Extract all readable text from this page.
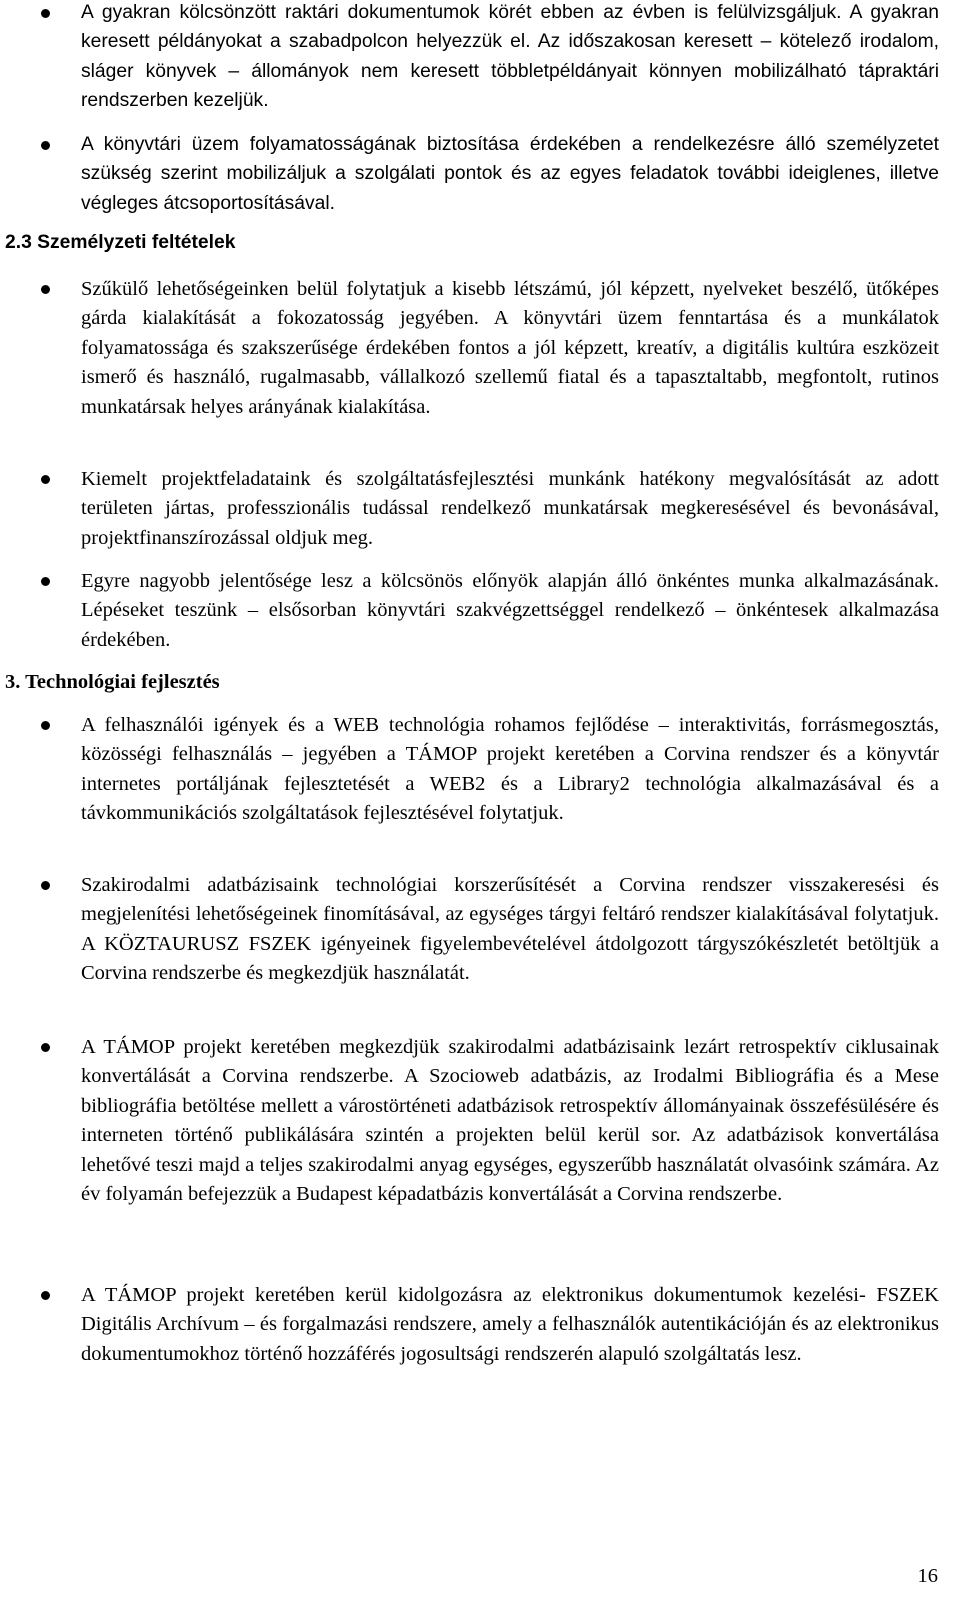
A gyakran kölcsönzött raktári dokumentumok körét ebben az évben is felülvizsgáljuk. A gyakran keresett példányokat a szabadpolcon helyezzük el. Az időszakosan keresett – kötelező irodalom, sláger könyvek – állományok nem keresett többletpéldányait könnyen mobilizálható tápraktári rendszerben kezeljük.

A könyvtári üzem folyamatosságának biztosítása érdekében a rendelkezésre álló személyzetet szükség szerint mobilizáljuk a szolgálati pontok és az egyes feladatok további ideiglenes, illetve végleges átcsoportosításával.

2.3 Személyzeti feltételek

Szűkülő lehetőségeinken belül folytatjuk a kisebb létszámú, jól képzett, nyelveket beszélő, ütőképes gárda kialakítását a fokozatosság jegyében. A könyvtári üzem fenntartása és a munkálatok folyamatossága és szakszerűsége érdekében fontos a jól képzett, kreatív, a digitális kultúra eszközeit ismerő és használó, rugalmasabb, vállalkozó szellemű fiatal és a tapasztaltabb, megfontolt, rutinos munkatársak helyes arányának kialakítása.

Kiemelt projektfeladataink és szolgáltatásfejlesztési munkánk hatékony megvalósítását az adott területen jártas, professzionális tudással rendelkező munkatársak megkeresésével és bevonásával, projektfinanszírozással oldjuk meg.

Egyre nagyobb jelentősége lesz a kölcsönös előnyök alapján álló önkéntes munka alkalmazásának. Lépéseket teszünk – elsősorban könyvtári szakvégzettséggel rendelkező – önkéntesek alkalmazása érdekében.

3. Technológiai fejlesztés

A felhasználói igények és a WEB technológia rohamos fejlődése – interaktivitás, forrásmegosztás, közösségi felhasználás – jegyében a TÁMOP projekt keretében a Corvina rendszer és a könyvtár internetes portáljának fejlesztetését a WEB2 és a Library2 technológia alkalmazásával és a távkommunikációs szolgáltatások fejlesztésével folytatjuk.

Szakirodalmi adatbázisaink technológiai korszerűsítését a Corvina rendszer visszakeresési és megjelenítési lehetőségeinek finomításával, az egységes tárgyi feltáró rendszer kialakításával folytatjuk. A KÖZTAURUSZ FSZEK igényeinek figyelembevételével átdolgozott tárgyszókészletét betöltjük a Corvina rendszerbe és megkezdjük használatát.

A TÁMOP projekt keretében megkezdjük szakirodalmi adatbázisaink lezárt retrospektív ciklusainak konvertálását a Corvina rendszerbe. A Szocioweb adatbázis, az Irodalmi Bibliográfia és a Mese bibliográfia betöltése mellett a várostörténeti adatbázisok retrospektív állományainak összefésülésére és interneten történő publikálására szintén a projekten belül kerül sor. Az adatbázisok konvertálása lehetővé teszi majd a teljes szakirodalmi anyag egységes, egyszerűbb használatát olvasóink számára. Az év folyamán befejezzük a Budapest képadatbázis konvertálását a Corvina rendszerbe.

A TÁMOP projekt keretében kerül kidolgozásra az elektronikus dokumentumok kezelési- FSZEK Digitális Archívum – és forgalmazási rendszere, amely a felhasználók autentikációján és az elektronikus dokumentumokhoz történő hozzáférés jogosultsági rendszerén alapuló szolgáltatás lesz.

16
